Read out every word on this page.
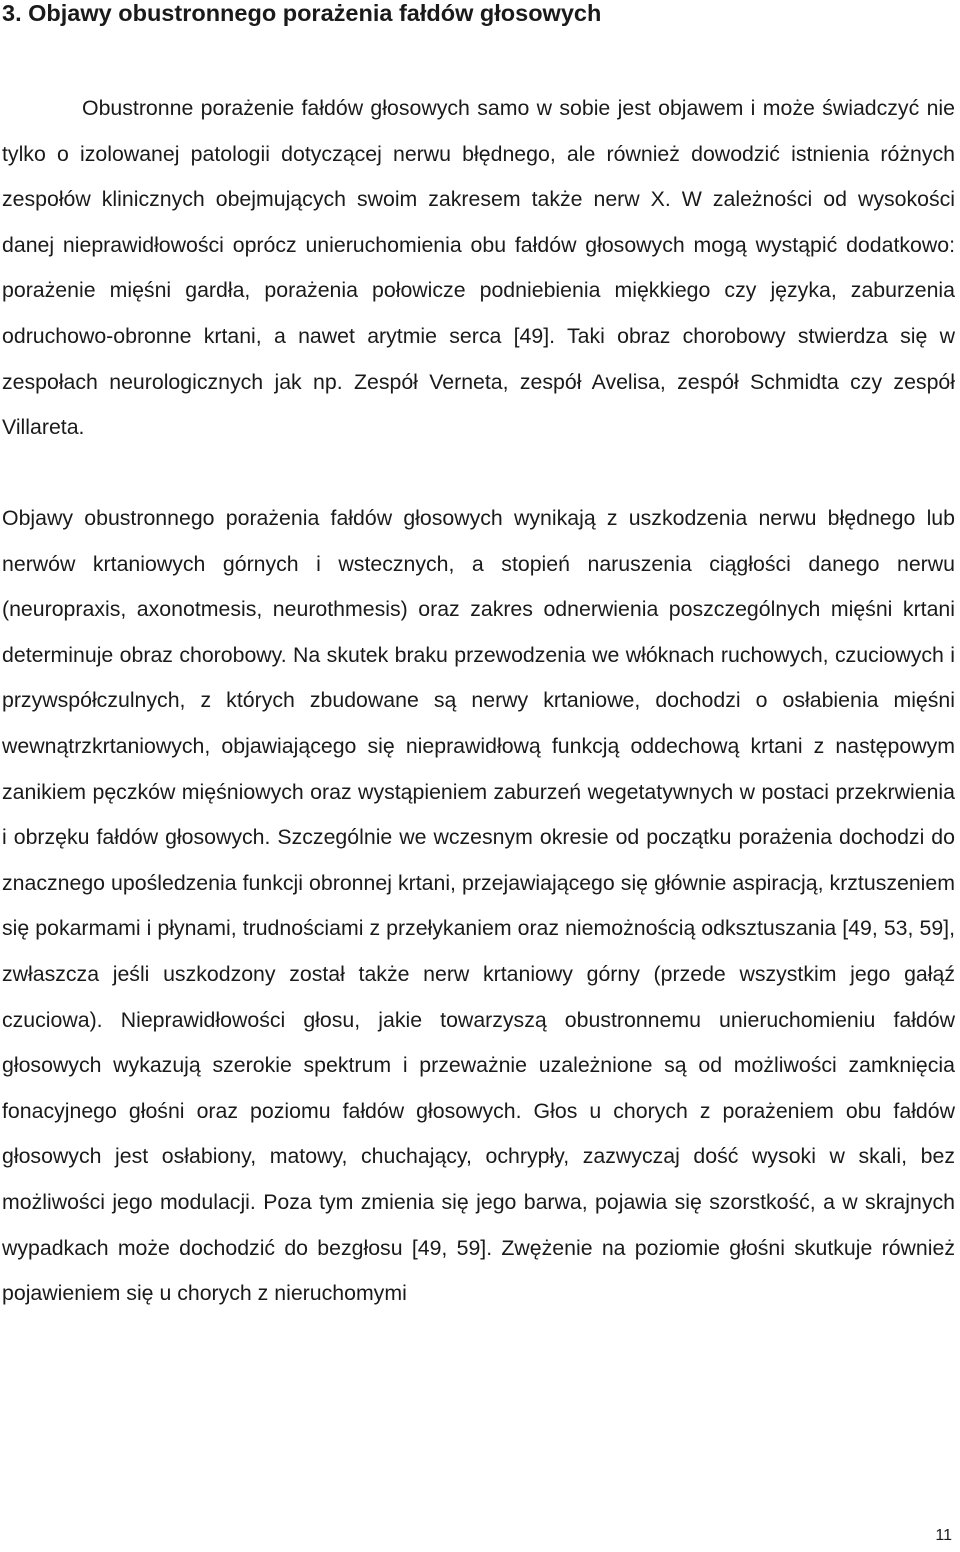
3. Objawy obustronnego porażenia fałdów głosowych

Obustronne porażenie fałdów głosowych samo w sobie jest objawem i może świadczyć nie tylko o izolowanej patologii dotyczącej nerwu błędnego, ale również dowodzić istnienia różnych zespołów klinicznych obejmujących swoim zakresem także nerw X. W zależności od wysokości danej nieprawidłowości oprócz unieruchomienia obu fałdów głosowych mogą wystąpić dodatkowo: porażenie mięśni gardła, porażenia połowicze podniebienia miękkiego czy języka, zaburzenia odruchowo-obronne krtani, a nawet arytmie serca [49]. Taki obraz chorobowy stwierdza się w zespołach neurologicznych jak np. Zespół Verneta, zespół Avelisa, zespół Schmidta czy zespół Villareta.

Objawy obustronnego porażenia fałdów głosowych wynikają z uszkodzenia nerwu błędnego lub nerwów krtaniowych górnych i wstecznych, a stopień naruszenia ciągłości danego nerwu (neuropraxis, axonotmesis, neurothmesis) oraz zakres odnerwienia poszczególnych mięśni krtani determinuje obraz chorobowy. Na skutek braku przewodzenia we włóknach ruchowych, czuciowych i przywspółczulnych, z których zbudowane są nerwy krtaniowe, dochodzi o osłabienia mięśni wewnątrzkrtaniowych, objawiającego się nieprawidłową funkcją oddechową krtani z następowym zanikiem pęczków mięśniowych oraz wystąpieniem zaburzeń wegetatywnych w postaci przekrwienia i obrzęku fałdów głosowych. Szczególnie we wczesnym okresie od początku porażenia dochodzi do znacznego upośledzenia funkcji obronnej krtani, przejawiającego się głównie aspiracją, krztuszeniem się pokarmami i płynami, trudnościami z przełykaniem oraz niemożnością odksztuszania [49, 53, 59], zwłaszcza jeśli uszkodzony został także nerw krtaniowy górny (przede wszystkim jego gałąź czuciowa). Nieprawidłowości głosu, jakie towarzyszą obustronnemu unieruchomieniu fałdów głosowych wykazują szerokie spektrum i przeważnie uzależnione są od możliwości zamknięcia fonacyjnego głośni oraz poziomu fałdów głosowych. Głos u chorych z porażeniem obu fałdów głosowych jest osłabiony, matowy, chuchający, ochrypły, zazwyczaj dość wysoki w skali, bez możliwości jego modulacji. Poza tym zmienia się jego barwa, pojawia się szorstkość, a w skrajnych wypadkach może dochodzić do bezgłosu [49, 59]. Zwężenie na poziomie głośni skutkuje również pojawieniem się u chorych z nieruchomymi

11
